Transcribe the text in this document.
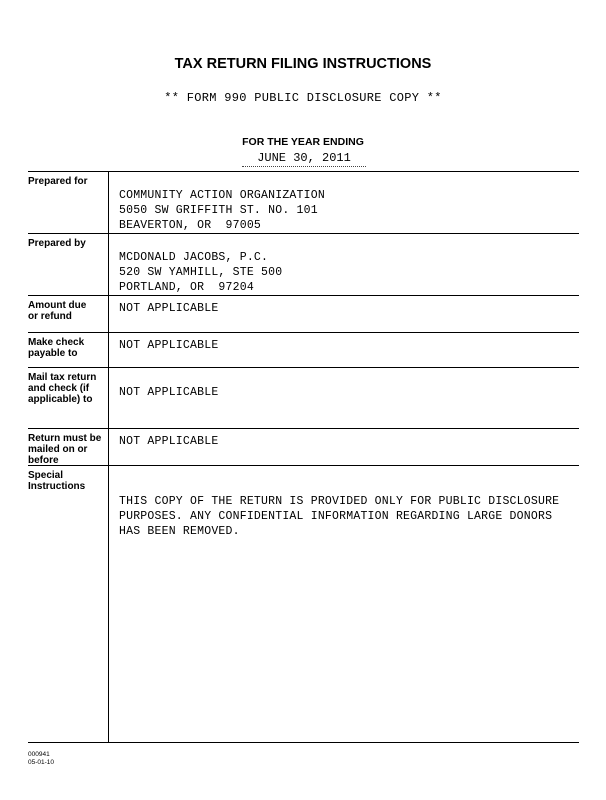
TAX RETURN FILING INSTRUCTIONS
** FORM 990 PUBLIC DISCLOSURE COPY **
FOR THE YEAR ENDING
JUNE 30, 2011
Prepared for
COMMUNITY ACTION ORGANIZATION
5050 SW GRIFFITH ST. NO. 101
BEAVERTON, OR  97005
Prepared by
MCDONALD JACOBS, P.C.
520 SW YAMHILL, STE 500
PORTLAND, OR  97204
Amount due or refund
NOT APPLICABLE
Make check payable to
NOT APPLICABLE
Mail tax return and check (if applicable) to
NOT APPLICABLE
Return must be mailed on or before
NOT APPLICABLE
Special Instructions
THIS COPY OF THE RETURN IS PROVIDED ONLY FOR PUBLIC DISCLOSURE PURPOSES. ANY CONFIDENTIAL INFORMATION REGARDING LARGE DONORS HAS BEEN REMOVED.
000941
05-01-10
